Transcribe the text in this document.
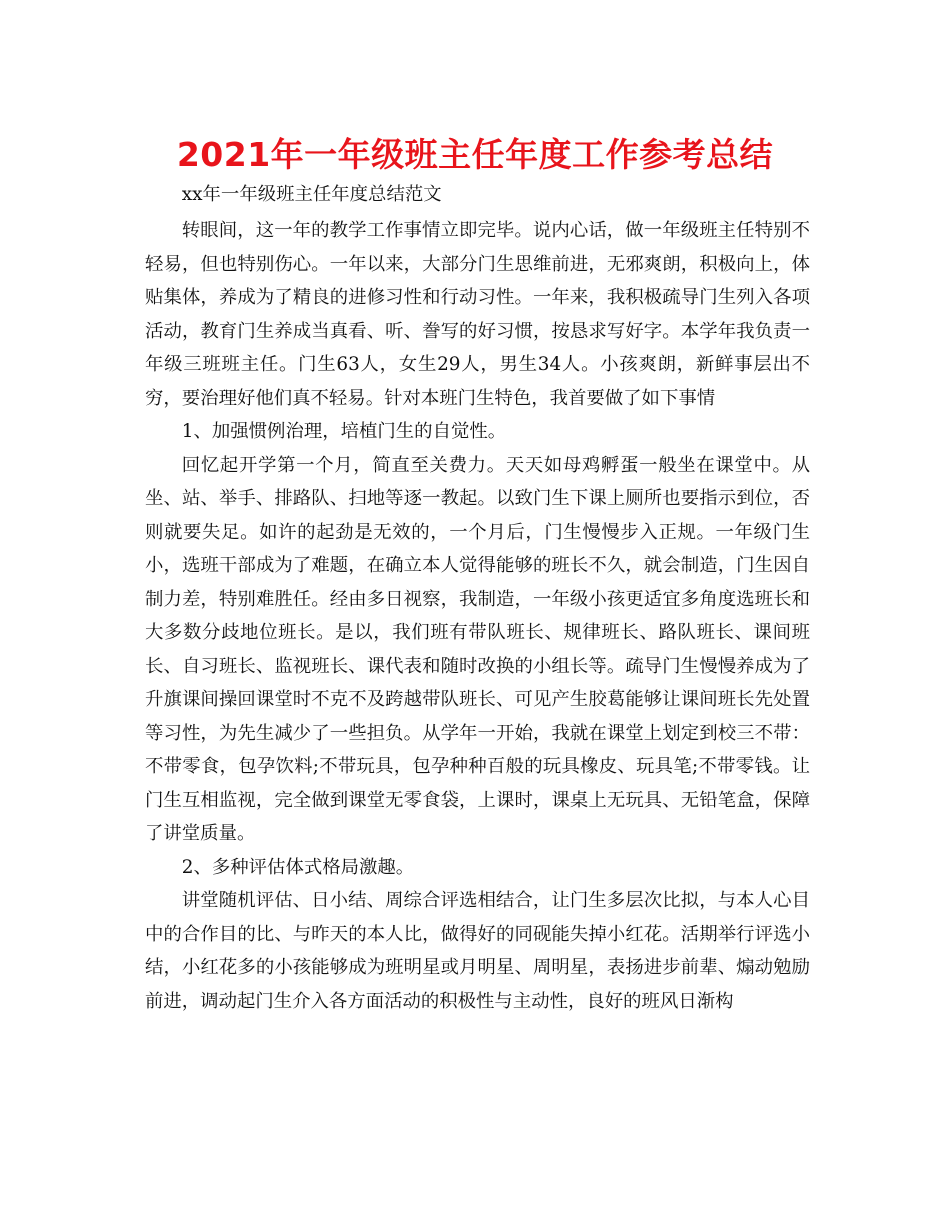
2021年一年级班主任年度工作参考总结

xx年一年级班主任年度总结范文

转眼间，这一年的教学工作事情立即完毕。说内心话，做一年级班主任特别不轻易，但也特别伤心。一年以来，大部分门生思维前进，无邪爽朗，积极向上，体贴集体，养成为了精良的进修习性和行动习性。一年来，我积极疏导门生列入各项活动，教育门生养成当真看、听、誊写的好习惯，按恳求写好字。本学年我负责一年级三班班主任。门生63人，女生29人，男生34人。小孩爽朗，新鲜事层出不穷，要治理好他们真不轻易。针对本班门生特色，我首要做了如下事情

1、加强惯例治理，培植门生的自觉性。

回忆起开学第一个月，简直至关费力。天天如母鸡孵蛋一般坐在课堂中。从坐、站、举手、排路队、扫地等逐一教起。以致门生下课上厕所也要指示到位，否则就要失足。如许的起劲是无效的，一个月后，门生慢慢步入正规。一年级门生小，选班干部成为了难题，在确立本人觉得能够的班长不久，就会制造，门生因自制力差，特别难胜任。经由多日视察，我制造，一年级小孩更适宜多角度选班长和大多数分歧地位班长。是以，我们班有带队班长、规律班长、路队班长、课间班长、自习班长、监视班长、课代表和随时改换的小组长等。疏导门生慢慢养成为了升旗课间操回课堂时不克不及跨越带队班长、可见产生胶葛能够让课间班长先处置等习性，为先生减少了一些担负。从学年一开始，我就在课堂上划定到校三不带：不带零食，包孕饮料;不带玩具，包孕种种百般的玩具橡皮、玩具笔;不带零钱。让门生互相监视，完全做到课堂无零食袋，上课时，课桌上无玩具、无铅笔盒，保障了讲堂质量。

2、多种评估体式格局激趣。

讲堂随机评估、日小结、周综合评选相结合，让门生多层次比拟，与本人心目中的合作目的比、与昨天的本人比，做得好的同砚能失掉小红花。活期举行评选小结，小红花多的小孩能够成为班明星或月明星、周明星，表扬进步前辈、煽动勉励前进，调动起门生介入各方面活动的积极性与主动性，良好的班风日渐构
